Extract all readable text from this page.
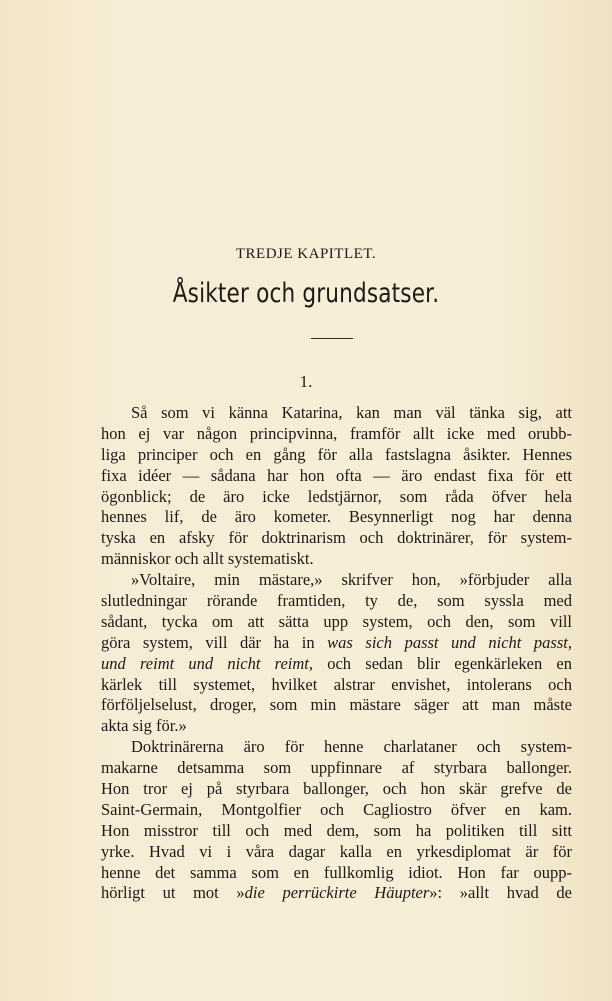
TREDJE KAPITLET.
Åsikter och grundsatser.
1.
Så som vi känna Katarina, kan man väl tänka sig, att
hon ej var någon principvinna, framför allt icke med orubb-
liga principer och en gång för alla fastslagna åsikter. Hennes
fixa idéer — sådana har hon ofta — äro endast fixa för ett
ögonblick; de äro icke ledstjärnor, som råda öfver hela
hennes lif, de äro kometer. Besynnerligt nog har denna
tyska en afsky för doktrinarism och doktrinärer, för system-
människor och allt systematiskt.
»Voltaire, min mästare,» skrifver hon, »förbjuder alla
slutledningar rörande framtiden, ty de, som syssla med
sådant, tycka om att sätta upp system, och den, som vill
göra system, vill där ha in was sich passt und nicht passt,
und reimt und nicht reimt, och sedan blir egenkärleken en
kärlek till systemet, hvilket alstrar envishet, intolerans och
förföljelselust, droger, som min mästare säger att man måste
akta sig för.»
Doktrinärerna äro för henne charlataner och system-
makarne detsamma som uppfinnare af styrbara ballonger.
Hon tror ej på styrbara ballonger, och hon skär grefve de
Saint-Germain, Montgolfier och Cagliostro öfver en kam.
Hon misstror till och med dem, som ha politiken till sitt
yrke. Hvad vi i våra dagar kalla en yrkesdiplomat är för
henne det samma som en fullkomlig idiot. Hon far oupp-
hörligt ut mot »die perrückirte Häupter»: »allt hvad de
